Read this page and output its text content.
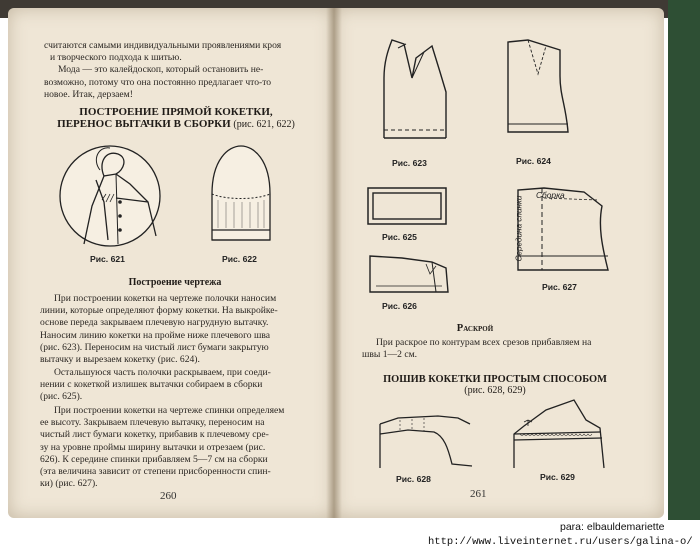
считаются самыми индивидуальными проявлениями кроя
и творческого подхода к шитью.
Мода — это калейдоскоп, который остановить не-
возможно, потому что она постоянно предлагает что-то
новое. Итак, дерзаем!
ПОСТРОЕНИЕ ПРЯМОЙ КОКЕТКИ,
ПЕРЕНОС ВЫТАЧКИ В СБОРКИ (рис. 621, 622)
Рис. 621	Рис. 622
Построение чертежа
При построении кокетки на чертеже полочки наносим
линии, которые определяют форму кокетки. На выкройке-
основе переда закрываем плечевую нагрудную вытачку.
Наносим линию кокетки на пройме ниже плечевого шва
(рис. 623). Переносим на чистый лист бумаги закрытую
вытачку и вырезаем кокетку (рис. 624).
Остальшуюся часть полочки раскрываем, при соеди-
нении с кокеткой излишек вытачки собираем в сборки
(рис. 625).
При построении кокетки на чертеже спинки определяем
ее высоту. Закрываем плечевую вытачку, переносим на
чистый лист бумаги кокетку, прибавив к плечевому сре-
зу на уровне проймы ширину вытачки и отрезаем (рис.
626). К середине спинки прибавляем 5—7 см на сборки
(эта величина зависит от степени присборенности спин-
ки) (рис. 627).
260
Рис. 623	Рис. 624
Рис. 625
Рис. 626
Сборка
Середина спинки
Рис. 627
Раскрой
При раскрое по контурам всех срезов прибавляем на
швы 1—2 см.
ПОШИВ КОКЕТКИ ПРОСТЫМ СПОСОБОМ
(рис. 628, 629)
Рис. 628	Рис. 629
261
para: elbauldemariette
http://www.liveinternet.ru/users/galina-o/
